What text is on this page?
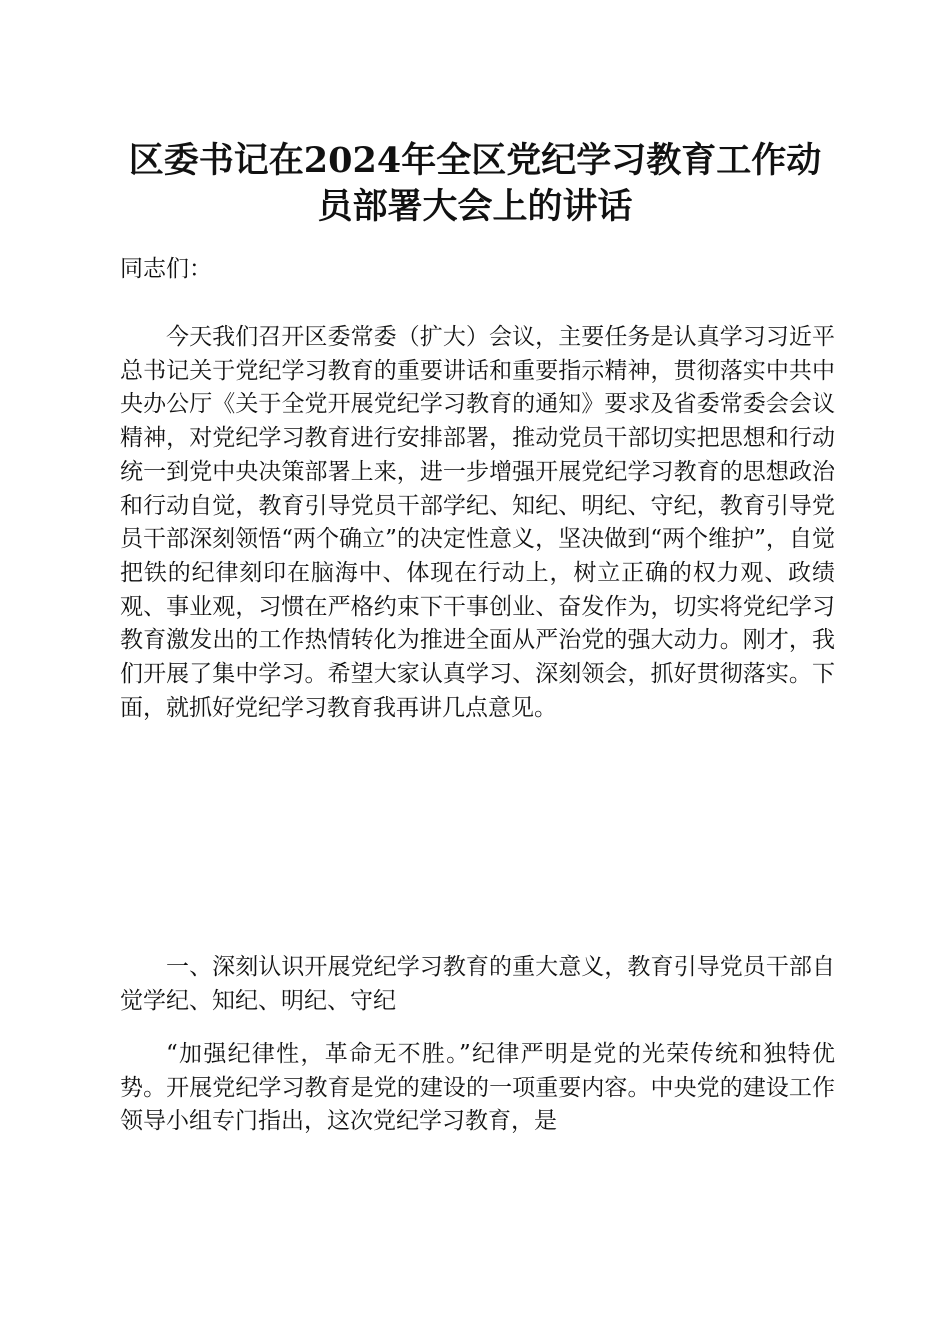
区委书记在2024年全区党纪学习教育工作动
员部署大会上的讲话
同志们：
今天我们召开区委常委（扩大）会议，主要任务是认真学习习近平总书记关于党纪学习教育的重要讲话和重要指示精神，贯彻落实中共中央办公厅《关于全党开展党纪学习教育的通知》要求及省委常委会会议精神，对党纪学习教育进行安排部署，推动党员干部切实把思想和行动统一到党中央决策部署上来，进一步增强开展党纪学习教育的思想政治和行动自觉，教育引导党员干部学纪、知纪、明纪、守纪，教育引导党员干部深刻领悟“两个确立”的决定性意义，坚决做到“两个维护”，自觉把铁的纪律刻印在脑海中、体现在行动上，树立正确的权力观、政绩观、事业观，习惯在严格约束下干事创业、奋发作为，切实将党纪学习教育激发出的工作热情转化为推进全面从严治党的强大动力。刚才，我们开展了集中学习。希望大家认真学习、深刻领会，抓好贯彻落实。下面，就抓好党纪学习教育我再讲几点意见。
一、深刻认识开展党纪学习教育的重大意义，教育引导党员干部自觉学纪、知纪、明纪、守纪
“加强纪律性，革命无不胜。”纪律严明是党的光荣传统和独特优势。开展党纪学习教育是党的建设的一项重要内容。中央党的建设工作领导小组专门指出，这次党纪学习教育，是
